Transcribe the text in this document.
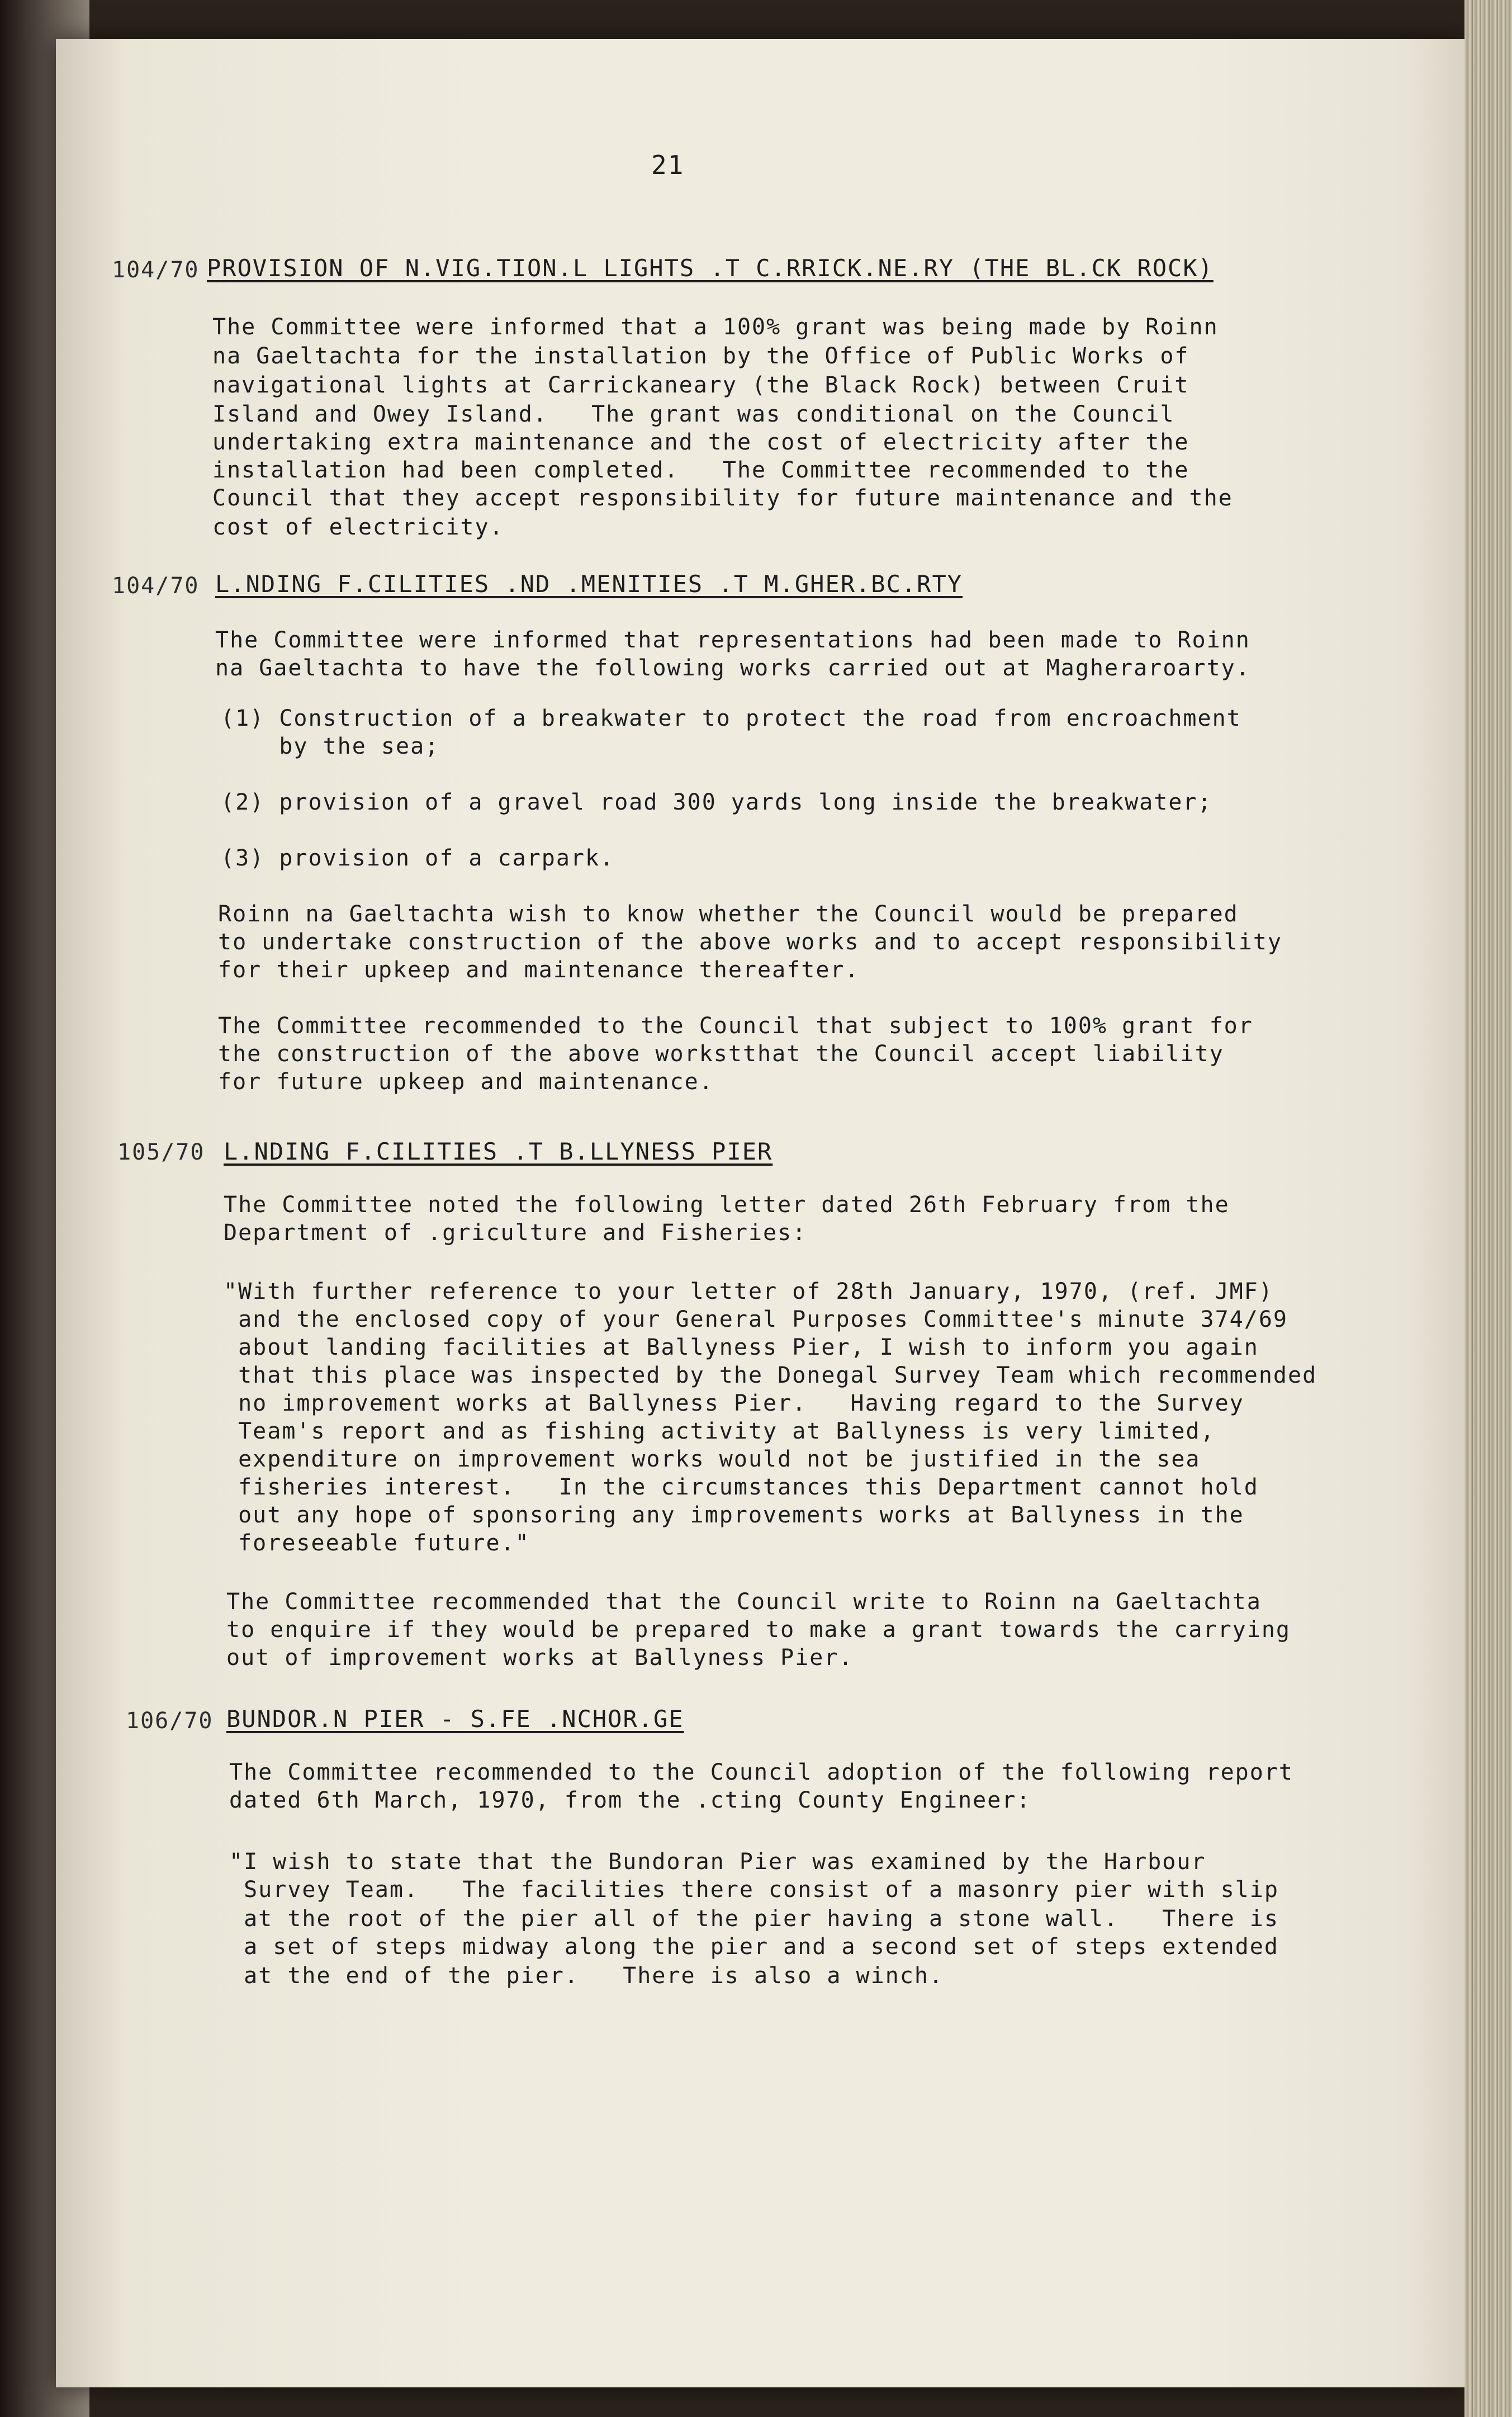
21
104/70 PROVISION OF N.VIG.TION.L LIGHTS .T C.RRICK.NE.RY (THE BL.CK ROCK)
The Committee were informed that a 100% grant was being made by Roinn
na Gaeltachta for the installation by the Office of Public Works of
navigational lights at Carrickaneary (the Black Rock) between Cruit
Island and Owey Island.   The grant was conditional on the Council
undertaking extra maintenance and the cost of electricity after the
installation had been completed.   The Committee recommended to the
Council that they accept responsibility for future maintenance and the
cost of electricity.
104/70 L.NDING F.CILITIES .ND .MENITIES .T M.GHER.BC.RTY
The Committee were informed that representations had been made to Roinn
na Gaeltachta to have the following works carried out at Magheraroarty.
(1) Construction of a breakwater to protect the road from encroachment
by the sea;
(2) provision of a gravel road 300 yards long inside the breakwater;
(3) provision of a carpark.
Roinn na Gaeltachta wish to know whether the Council would be prepared
to undertake construction of the above works and to accept responsibility
for their upkeep and maintenance thereafter.
The Committee recommended to the Council that subject to 100% grant for
the construction of the above workstthat the Council accept liability
for future upkeep and maintenance.
105/70 L.NDING F.CILITIES .T B.LLYNESS PIER
The Committee noted the following letter dated 26th February from the
Department of .griculture and Fisheries:
"With further reference to your letter of 28th January, 1970, (ref. JMF)
and the enclosed copy of your General Purposes Committee's minute 374/69
about landing facilities at Ballyness Pier, I wish to inform you again
that this place was inspected by the Donegal Survey Team which recommended
no improvement works at Ballyness Pier.   Having regard to the Survey
Team's report and as fishing activity at Ballyness is very limited,
expenditure on improvement works would not be justified in the sea
fisheries interest.   In the circumstances this Department cannot hold
out any hope of sponsoring any improvements works at Ballyness in the
foreseeable future."
The Committee recommended that the Council write to Roinn na Gaeltachta
to enquire if they would be prepared to make a grant towards the carrying
out of improvement works at Ballyness Pier.
106/70 BUNDOR.N PIER - S.FE .NCHOR.GE
The Committee recommended to the Council adoption of the following report
dated 6th March, 1970, from the .cting County Engineer:
"I wish to state that the Bundoran Pier was examined by the Harbour
Survey Team.   The facilities there consist of a masonry pier with slip
at the root of the pier all of the pier having a stone wall.   There is
a set of steps midway along the pier and a second set of steps extended
at the end of the pier.   There is also a winch.
